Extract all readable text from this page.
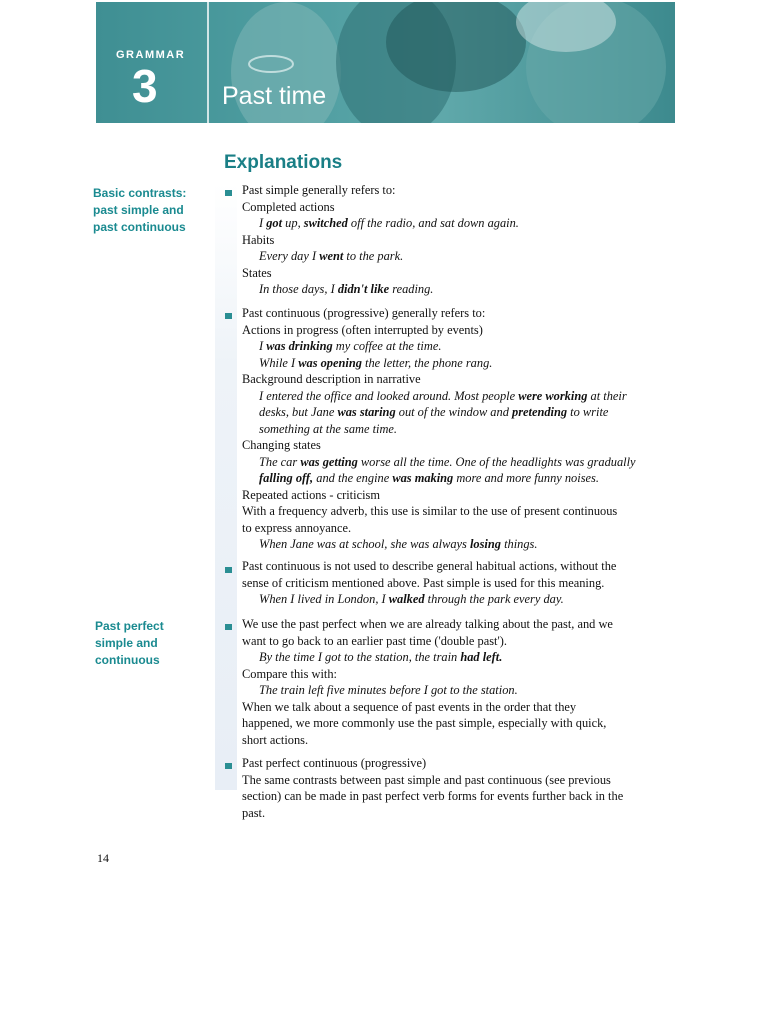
GRAMMAR
3	Past time
Explanations
Basic contrasts:
past simple and
past continuous
Past perfect
simple and
continuous
Past simple generally refers to:
Completed actions
I got up, switched off the radio, and sat down again.
Habits
Every day I went to the park.
States
In those days, I didn't like reading.
Past continuous (progressive) generally refers to:
Actions in progress (often interrupted by events)
I was drinking my coffee at the time.
While I was opening the letter, the phone rang.
Background description in narrative
I entered the office and looked around. Most people were working at their
desks, but Jane was staring out of the window and pretending to write
something at the same time.
Changing states
The car was getting worse all the time. One of the headlights was gradually
falling off, and the engine was making more and more funny noises.
Repeated actions - criticism
With a frequency adverb, this use is similar to the use of present continuous
to express annoyance.
When Jane was at school, she was always losing things.
Past continuous is not used to describe general habitual actions, without the
sense of criticism mentioned above. Past simple is used for this meaning.
When I lived in London, I walked through the park every day.
We use the past perfect when we are already talking about the past, and we
want to go back to an earlier past time ('double past').
By the time I got to the station, the train had left.
Compare this with:
The train left five minutes before I got to the station.
When we talk about a sequence of past events in the order that they
happened, we more commonly use the past simple, especially with quick,
short actions.
Past perfect continuous (progressive)
The same contrasts between past simple and past continuous (see previous
section) can be made in past perfect verb forms for events further back in the
past.
14
